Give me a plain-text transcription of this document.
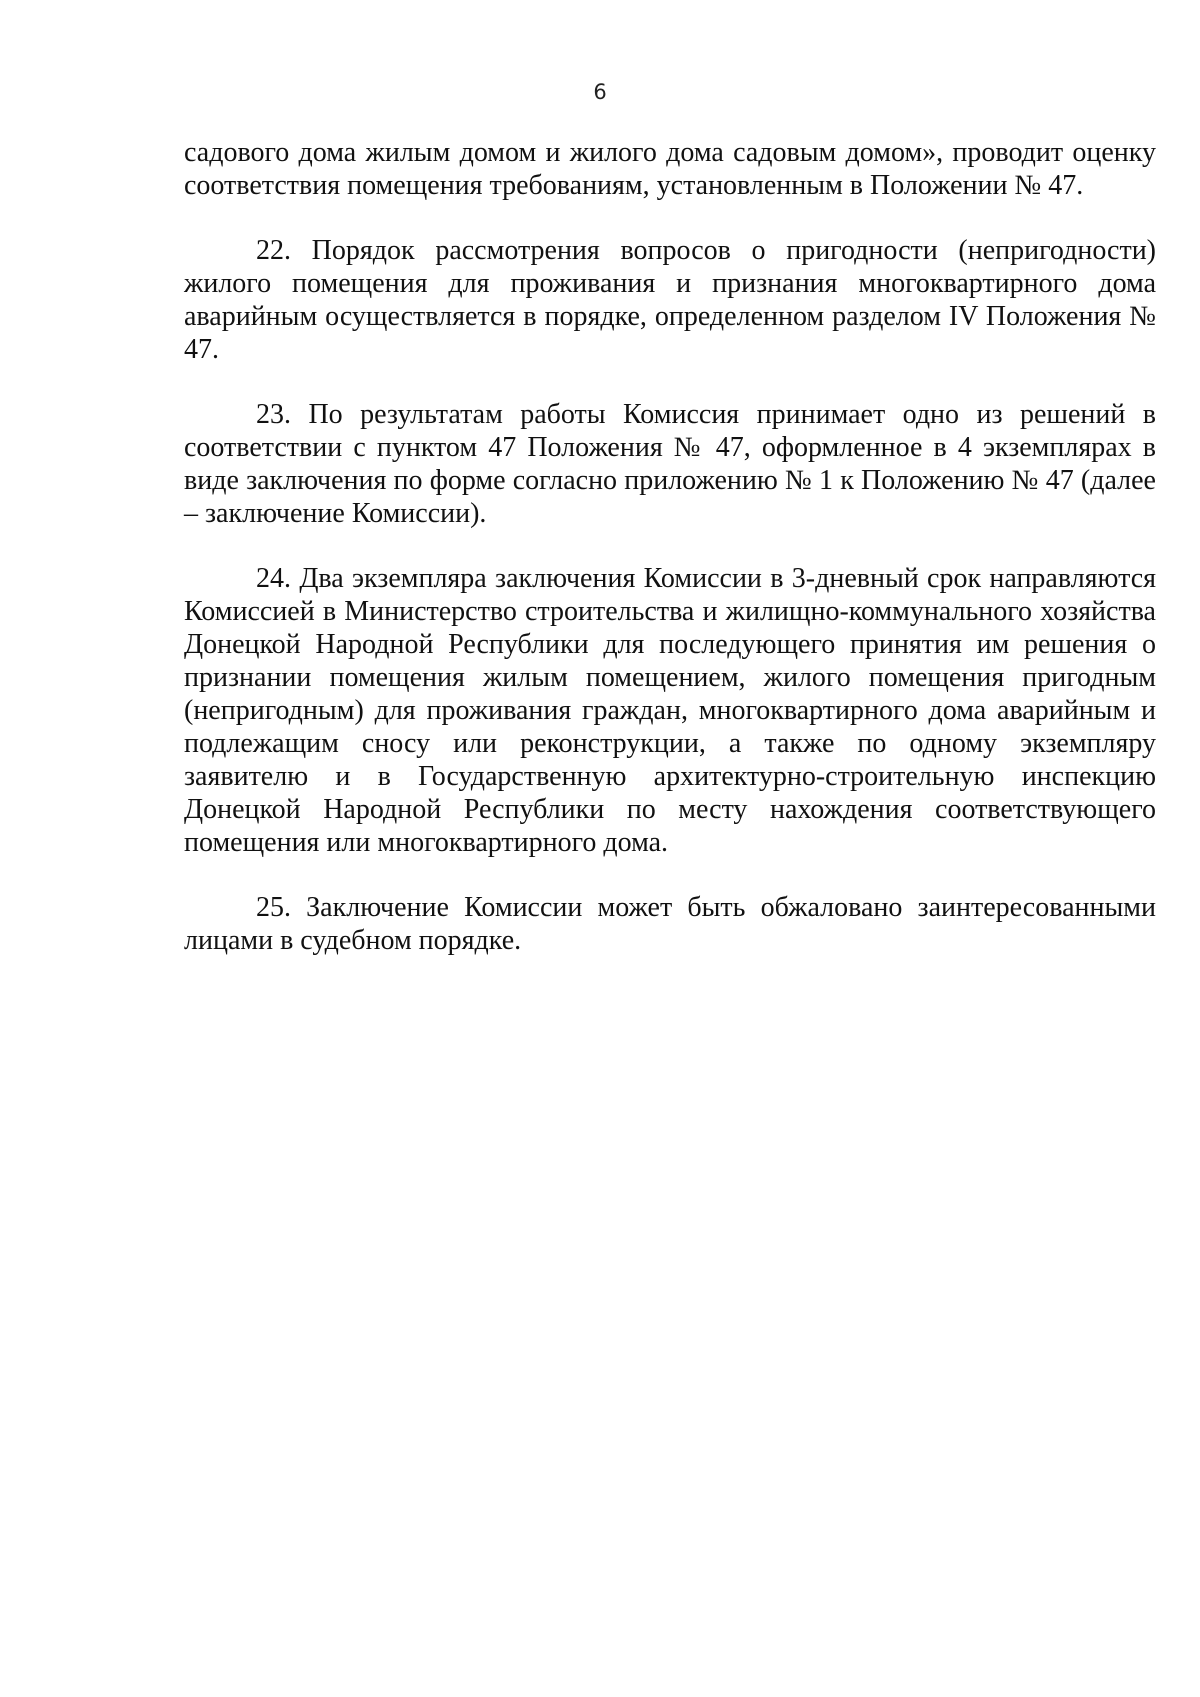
6

садового дома жилым домом и жилого дома садовым домом», проводит оценку соответствия помещения требованиям, установленным в Положении № 47.

22. Порядок рассмотрения вопросов о пригодности (непригодности) жилого помещения для проживания и признания многоквартирного дома аварийным осуществляется в порядке, определенном разделом IV Положения № 47.

23. По результатам работы Комиссия принимает одно из решений в соответствии с пунктом 47 Положения № 47, оформленное в 4 экземплярах в виде заключения по форме согласно приложению № 1 к Положению № 47 (далее – заключение Комиссии).

24. Два экземпляра заключения Комиссии в 3-дневный срок направляются Комиссией в Министерство строительства и жилищно-коммунального хозяйства Донецкой Народной Республики для последующего принятия им решения о признании помещения жилым помещением, жилого помещения пригодным (непригодным) для проживания граждан, многоквартирного дома аварийным и подлежащим сносу или реконструкции, а также по одному экземпляру заявителю и в Государственную архитектурно-строительную инспекцию Донецкой Народной Республики по месту нахождения соответствующего помещения или многоквартирного дома.

25. Заключение Комиссии может быть обжаловано заинтересованными лицами в судебном порядке.
